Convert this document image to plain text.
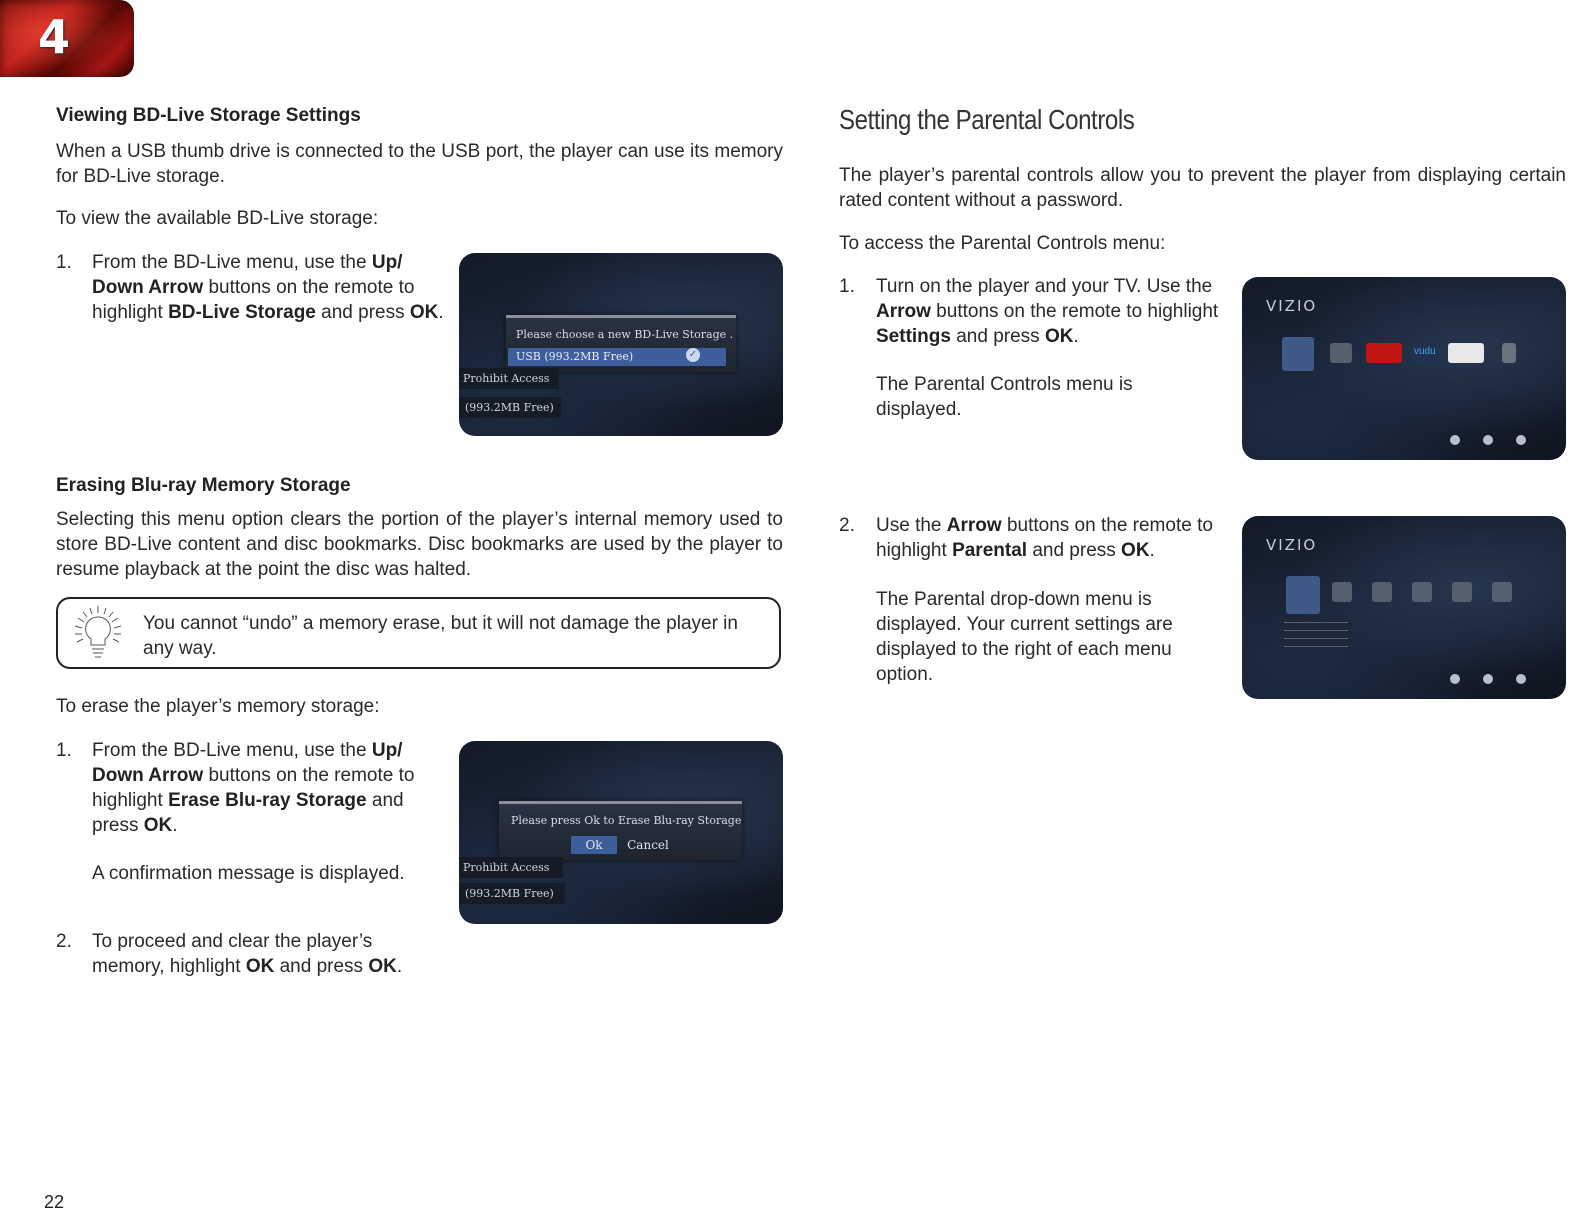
4
Viewing BD-Live Storage Settings

When a USB thumb drive is connected to the USB port, the player can use its memory for BD-Live storage.

To view the available BD-Live storage:

1. From the BD-Live menu, use the Up/ Down Arrow buttons on the remote to highlight BD-Live Storage and press OK.

Please choose a new BD-Live Storage .
USB (993.2MB Free)	✓
Prohibit Access
(993.2MB Free)
Erasing Blu-ray Memory Storage

Selecting this menu option clears the portion of the player’s internal memory used to store BD-Live content and disc bookmarks. Disc bookmarks are used by the player to resume playback at the point the disc was halted.

You cannot “undo” a memory erase, but it will not damage the player in any way.

To erase the player’s memory storage:

1. From the BD-Live menu, use the Up/ Down Arrow buttons on the remote to highlight Erase Blu-ray Storage and press OK.

A confirmation message is displayed.

Please press Ok to Erase Blu-ray Storage
Ok	Cancel
Prohibit Access
(993.2MB Free)
2. To proceed and clear the player’s memory, highlight OK and press OK.

Setting the Parental Controls

The player’s parental controls allow you to prevent the player from displaying certain rated content without a password.

To access the Parental Controls menu:

1. Turn on the player and your TV. Use the Arrow buttons on the remote to highlight Settings and press OK.

The Parental Controls menu is displayed.

VIZIO
vudu
2. Use the Arrow buttons on the remote to highlight Parental and press OK.

The Parental drop-down menu is displayed. Your current settings are displayed to the right of each menu option.

VIZIO
22
